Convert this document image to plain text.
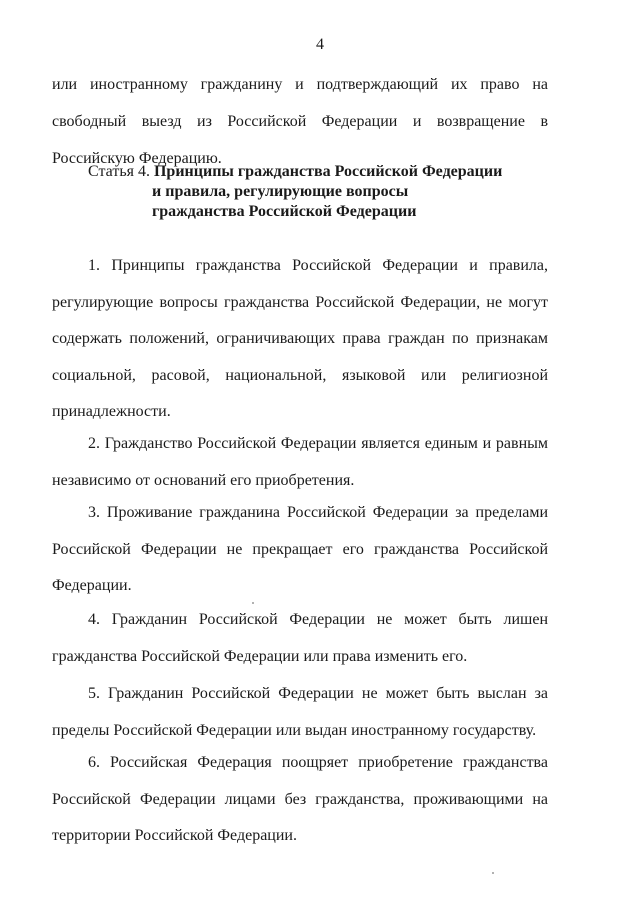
4
или иностранному гражданину и подтверждающий их право на свободный выезд из Российской Федерации и возвращение в Российскую Федерацию.
Статья 4. Принципы гражданства Российской Федерации
и правила, регулирующие вопросы
гражданства Российской Федерации
1. Принципы гражданства Российской Федерации и правила, регулирующие вопросы гражданства Российской Федерации, не могут содержать положений, ограничивающих права граждан по признакам социальной, расовой, национальной, языковой или религиозной принадлежности.
2. Гражданство Российской Федерации является единым и равным независимо от оснований его приобретения.
3. Проживание гражданина Российской Федерации за пределами Российской Федерации не прекращает его гражданства Российской Федерации.
4. Гражданин Российской Федерации не может быть лишен гражданства Российской Федерации или права изменить его.
5. Гражданин Российской Федерации не может быть выслан за пределы Российской Федерации или выдан иностранному государству.
6. Российская Федерация поощряет приобретение гражданства Российской Федерации лицами без гражданства, проживающими на территории Российской Федерации.
